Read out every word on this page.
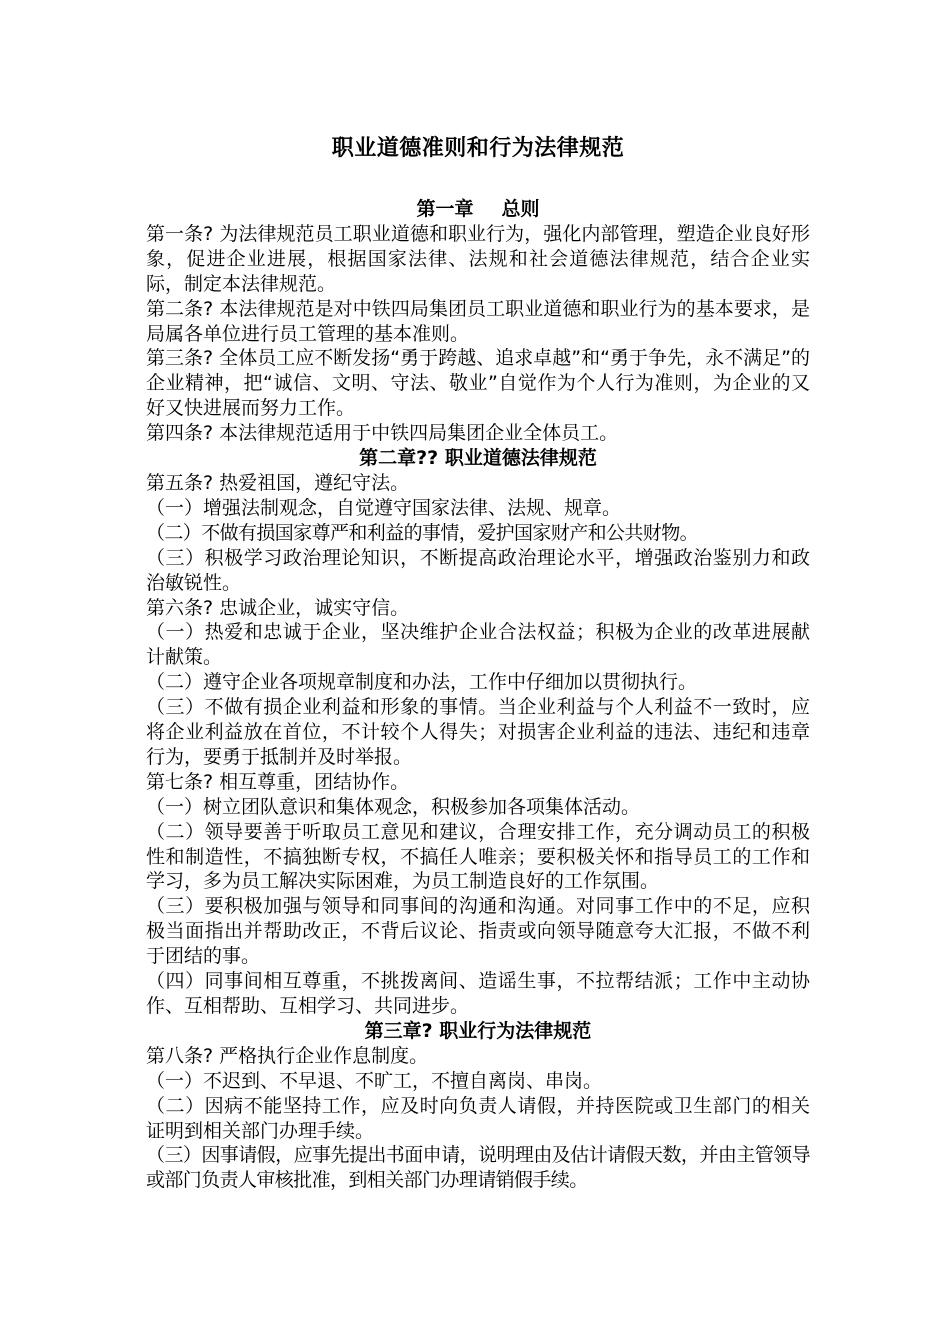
职业道德准则和行为法律规范

第一章 总则

第一条? 为法律规范员工职业道德和职业行为，强化内部管理，塑造企业良好形象，促进企业进展，根据国家法律、法规和社会道德法律规范，结合企业实际，制定本法律规范。

第二条? 本法律规范是对中铁四局集团员工职业道德和职业行为的基本要求，是局属各单位进行员工管理的基本准则。

第三条? 全体员工应不断发扬“勇于跨越、追求卓越”和“勇于争先，永不满足”的企业精神，把“诚信、文明、守法、敬业”自觉作为个人行为准则，为企业的又好又快进展而努力工作。

第四条? 本法律规范适用于中铁四局集团企业全体员工。

第二章?? 职业道德法律规范

第五条? 热爱祖国，遵纪守法。

（一）增强法制观念，自觉遵守国家法律、法规、规章。

（二）不做有损国家尊严和利益的事情，爱护国家财产和公共财物。

（三）积极学习政治理论知识，不断提高政治理论水平，增强政治鉴别力和政治敏锐性。

第六条? 忠诚企业，诚实守信。

（一）热爱和忠诚于企业，坚决维护企业合法权益；积极为企业的改革进展献计献策。

（二）遵守企业各项规章制度和办法，工作中仔细加以贯彻执行。

（三）不做有损企业利益和形象的事情。当企业利益与个人利益不一致时，应将企业利益放在首位，不计较个人得失；对损害企业利益的违法、违纪和违章行为，要勇于抵制并及时举报。

第七条? 相互尊重，团结协作。

（一）树立团队意识和集体观念，积极参加各项集体活动。

（二）领导要善于听取员工意见和建议，合理安排工作，充分调动员工的积极性和制造性，不搞独断专权，不搞任人唯亲；要积极关怀和指导员工的工作和学习，多为员工解决实际困难，为员工制造良好的工作氛围。

（三）要积极加强与领导和同事间的沟通和沟通。对同事工作中的不足，应积极当面指出并帮助改正，不背后议论、指责或向领导随意夸大汇报，不做不利于团结的事。

（四）同事间相互尊重，不挑拨离间、造谣生事，不拉帮结派；工作中主动协作、互相帮助、互相学习、共同进步。

第三章? 职业行为法律规范

第八条? 严格执行企业作息制度。

（一）不迟到、不早退、不旷工，不擅自离岗、串岗。

（二）因病不能坚持工作，应及时向负责人请假，并持医院或卫生部门的相关证明到相关部门办理手续。

（三）因事请假，应事先提出书面申请，说明理由及估计请假天数，并由主管领导或部门负责人审核批准，到相关部门办理请销假手续。
